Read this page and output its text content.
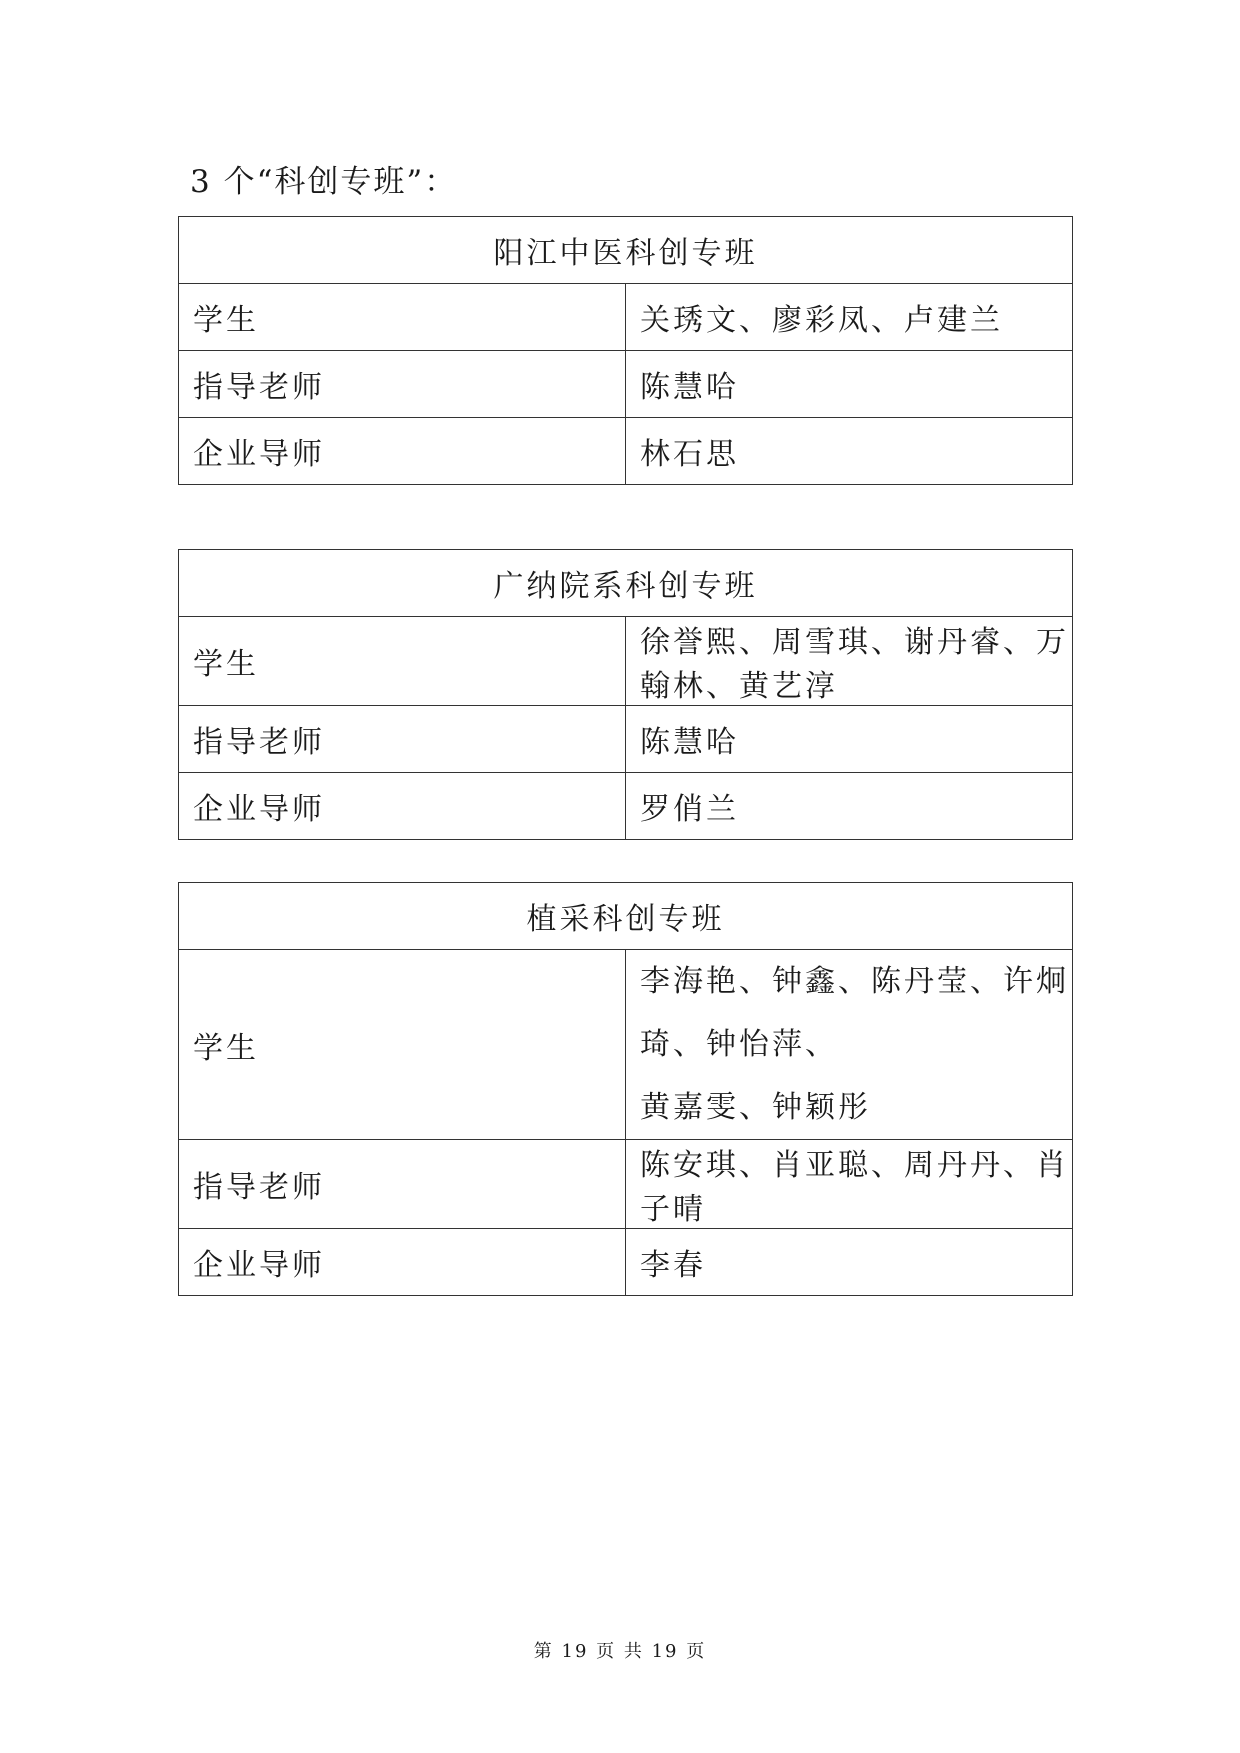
3 个“科创专班”：
阳江中医科创专班	
学生	关琇文、廖彩凤、卢建兰
指导老师	陈慧哈
企业导师	林石思
广纳院系科创专班	
学生	徐誉熙、周雪琪、谢丹睿、万翰林、黄艺淳
指导老师	陈慧哈
企业导师	罗俏兰
植采科创专班	
学生	李海艳、钟鑫、陈丹莹、许炯琦、钟怡萍、
黄嘉雯、钟颖彤

指导老师	陈安琪、肖亚聪、周丹丹、肖子晴
企业导师	李春
第 19 页 共 19 页
